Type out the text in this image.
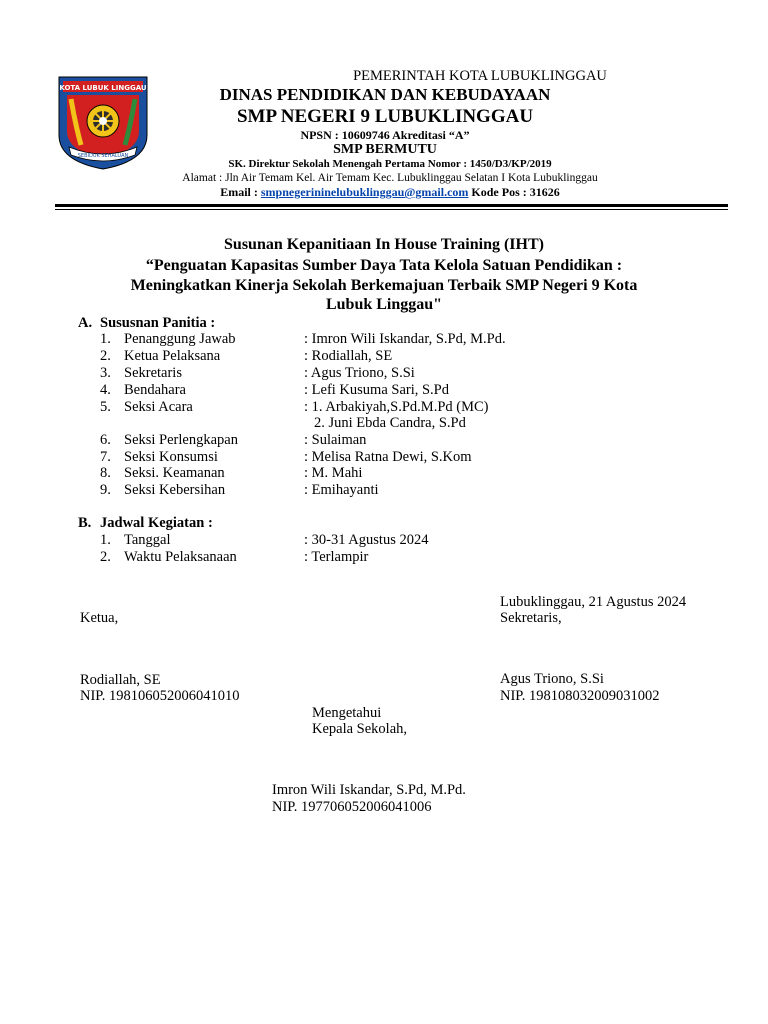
KOTA LUBUK LINGGAU
SEBIDUK SEHALUAN
PEMERINTAH KOTA LUBUKLINGGAU
DINAS PENDIDIKAN DAN KEBUDAYAAN
SMP NEGERI 9 LUBUKLINGGAU
NPSN : 10609746 Akreditasi “A”
SMP BERMUTU
SK. Direktur Sekolah Menengah Pertama Nomor : 1450/D3/KP/2019
Alamat : Jln Air Temam Kel. Air Temam Kec. Lubuklinggau Selatan I Kota Lubuklinggau
Email : smpnegerininelubuklinggau@gmail.com Kode Pos : 31626
Susunan Kepanitiaan In House Training (IHT)
“Penguatan Kapasitas Sumber Daya Tata Kelola Satuan Pendidikan :
Meningkatkan Kinerja Sekolah Berkemajuan Terbaik SMP Negeri 9 Kota
Lubuk Linggau"
A. Sususnan Panitia :
1. Penanggung Jawab	: Imron Wili Iskandar, S.Pd, M.Pd.
2. Ketua Pelaksana	: Rodiallah, SE
3. Sekretaris	: Agus Triono, S.Si
4. Bendahara	: Lefi Kusuma Sari, S.Pd
5. Seksi Acara	: 1. Arbakiyah,S.Pd.M.Pd (MC)
2. Juni Ebda Candra, S.Pd
6. Seksi Perlengkapan	: Sulaiman
7. Seksi Konsumsi	: Melisa Ratna Dewi, S.Kom
8. Seksi. Keamanan	: M. Mahi
9. Seksi Kebersihan	: Emihayanti
B. Jadwal Kegiatan :
1. Tanggal	: 30-31 Agustus 2024
2. Waktu Pelaksanaan	: Terlampir
Lubuklinggau, 21 Agustus 2024
Ketua,	Sekretaris,
Rodiallah, SE
NIP. 198106052006041010
Agus Triono, S.Si
NIP. 198108032009031002
Mengetahui
Kepala Sekolah,
Imron Wili Iskandar, S.Pd, M.Pd.
NIP. 197706052006041006
